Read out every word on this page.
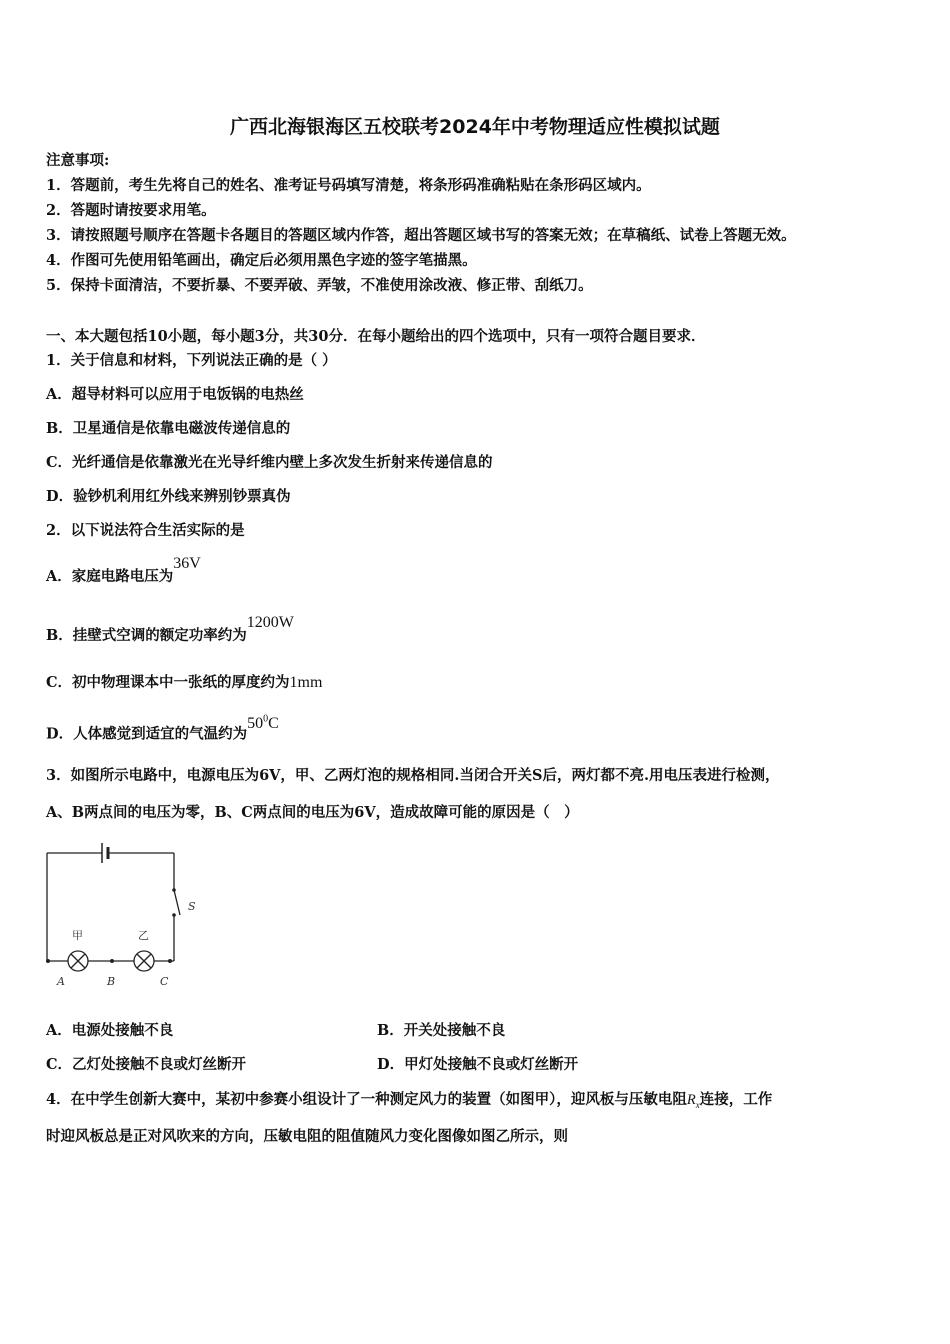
广西北海银海区五校联考2024年中考物理适应性模拟试题
注意事项:
1．答题前，考生先将自己的姓名、准考证号码填写清楚，将条形码准确粘贴在条形码区域内。
2．答题时请按要求用笔。
3．请按照题号顺序在答题卡各题目的答题区域内作答，超出答题区域书写的答案无效；在草稿纸、试卷上答题无效。
4．作图可先使用铅笔画出，确定后必须用黑色字迹的签字笔描黑。
5．保持卡面清洁，不要折暴、不要弄破、弄皱，不准使用涂改液、修正带、刮纸刀。
一、本大题包括10小题，每小题3分，共30分．在每小题给出的四个选项中，只有一项符合题目要求．
1．关于信息和材料，下列说法正确的是（ ）
A．超导材料可以应用于电饭锅的电热丝
B．卫星通信是依靠电磁波传递信息的
C．光纤通信是依靠激光在光导纤维内壁上多次发生折射来传递信息的
D．验钞机利用红外线来辨别钞票真伪
2．以下说法符合生活实际的是
A．家庭电路电压为36V
B．挂壁式空调的额定功率约为1200W
C．初中物理课本中一张纸的厚度约为1mm
D．人体感觉到适宜的气温约为$50^0C$
3．如图所示电路中，电源电压为6V，甲、乙两灯泡的规格相同.当闭合开关S后，两灯都不亮.用电压表进行检测，
A、B两点间的电压为零，B、C两点间的电压为6V，造成故障可能的原因是（　）
甲	乙
S
A	B	C
A．电源处接触不良	B．开关处接触不良
C．乙灯处接触不良或灯丝断开	D．甲灯处接触不良或灯丝断开
4．在中学生创新大赛中，某初中参赛小组设计了一种测定风力的装置（如图甲），迎风板与压敏电阻$R_x$连接，工作
时迎风板总是正对风吹来的方向，压敏电阻的阻值随风力变化图像如图乙所示，则
